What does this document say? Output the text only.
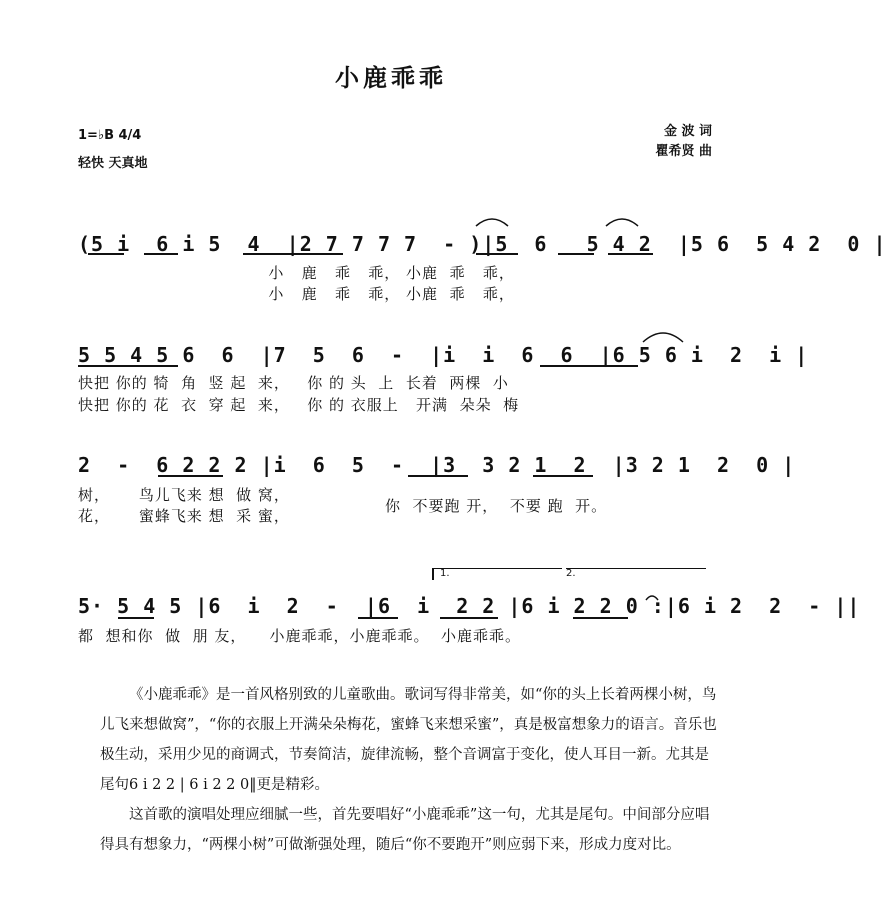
小鹿乖乖
1=♭B 4/4
轻快 天真地
金 波 词
瞿希贤 曲
(5 i  6 i 5  4  |2 7 7 7 7  - )|5  6   5 4 2  |5 6  5 4 2  0 |
小   鹿   乖   乖， 小鹿  乖   乖，
小   鹿   乖   乖， 小鹿  乖   乖，
5 5 4 5 6  6  |7  5  6  -  |i  i  6  6  |6 5 6 i  2  i |
快把 你的 犄  角  竖 起  来，   你 的 头  上  长着  两棵  小
快把 你的 花  衣  穿 起  来，   你 的 衣服上   开满  朵朵  梅
2  -  6 2 2 2 |i  6  5  -  |3  3 2 1  2  |3 2 1  2  0 |
树，     鸟儿飞来 想  做 窝，
花，     蜜蜂飞来 想  采 蜜，
你  不要跑 开，  不要 跑  开。
1.	2.
5· 5 4 5 |6  i  2  -  |6  i  2 2 |6 i 2 2 0 :|6 i 2  2  - ||
都  想和你  做  朋 友，    小鹿乖乖，小鹿乖乖。  小鹿乖乖。

《小鹿乖乖》是一首风格别致的儿童歌曲。歌词写得非常美，如“你的头上长着两棵小树，鸟儿飞来想做窝”，“你的衣服上开满朵朵梅花，蜜蜂飞来想采蜜”，真是极富想象力的语言。音乐也极生动，采用少见的商调式，节奏简洁，旋律流畅，整个音调富于变化，使人耳目一新。尤其是尾句6 i 2 2 | 6 i 2 2 0‖更是精彩。

这首歌的演唱处理应细腻一些，首先要唱好“小鹿乖乖”这一句，尤其是尾句。中间部分应唱得具有想象力，“两棵小树”可做渐强处理，随后“你不要跑开”则应弱下来，形成力度对比。
